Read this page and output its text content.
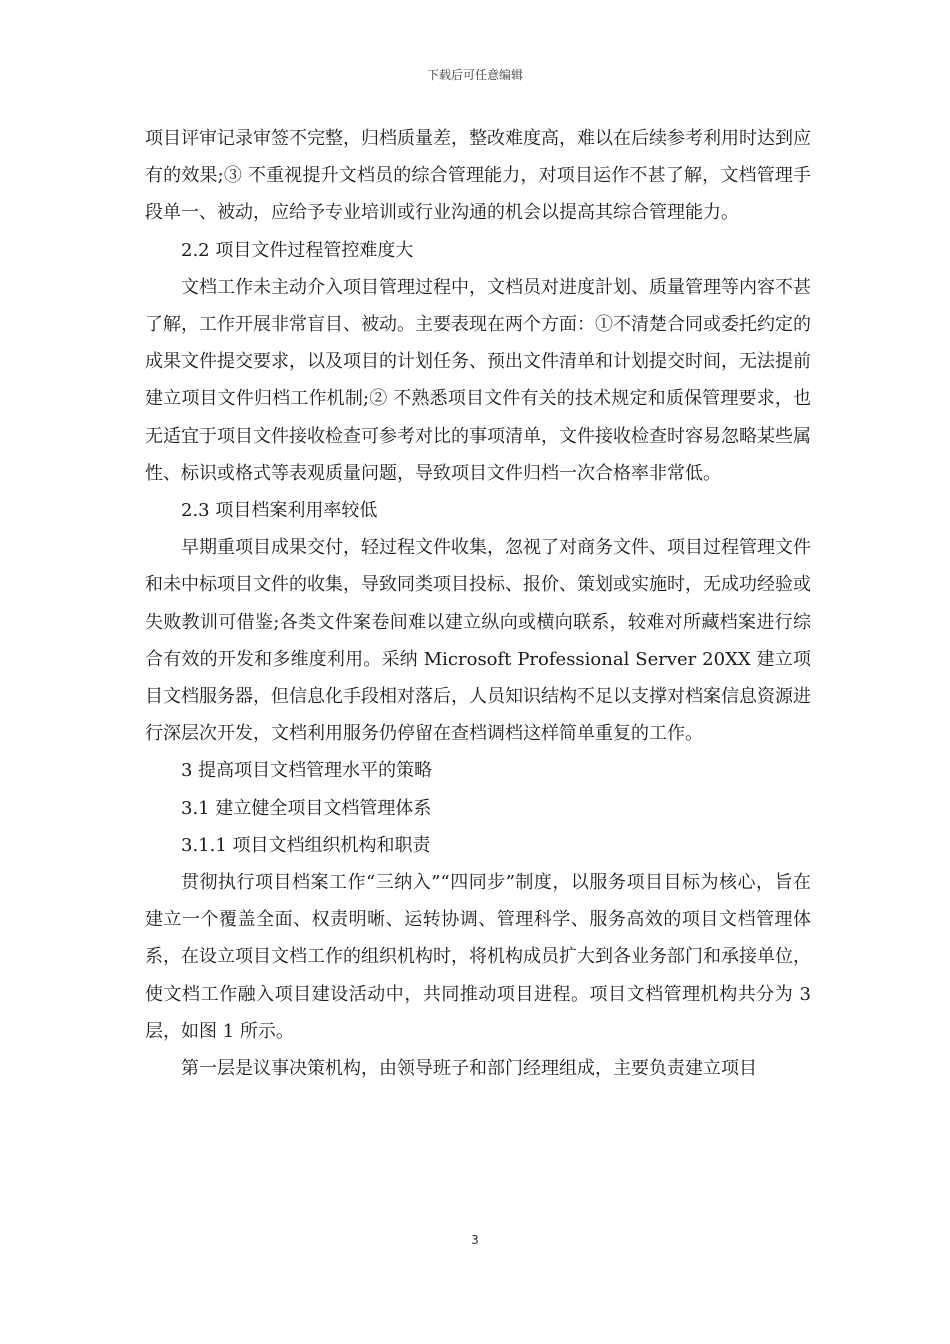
下载后可任意编辑

项目评审记录审签不完整，归档质量差，整改难度高，难以在后续参考利用时达到应有的效果;③ 不重视提升文档员的综合管理能力，对项目运作不甚了解，文档管理手段单一、被动，应给予专业培训或行业沟通的机会以提高其综合管理能力。

2.2 项目文件过程管控难度大

文档工作未主动介入项目管理过程中，文档员对进度計划、质量管理等内容不甚了解，工作开展非常盲目、被动。主要表现在两个方面：①不清楚合同或委托约定的成果文件提交要求，以及项目的计划任务、预出文件清单和计划提交时间，无法提前建立项目文件归档工作机制;② 不熟悉项目文件有关的技术规定和质保管理要求，也无适宜于项目文件接收检查可参考对比的事项清单，文件接收检查时容易忽略某些属性、标识或格式等表观质量问题，导致项目文件归档一次合格率非常低。

2.3 项目档案利用率较低

早期重项目成果交付，轻过程文件收集，忽视了对商务文件、项目过程管理文件和未中标项目文件的收集，导致同类项目投标、报价、策划或实施时，无成功经验或失败教训可借鉴;各类文件案卷间难以建立纵向或横向联系，较难对所藏档案进行综合有效的开发和多维度利用。采纳 Microsoft Professional Server 20XX 建立项目文档服务器，但信息化手段相对落后，人员知识结构不足以支撑对档案信息资源进行深层次开发，文档利用服务仍停留在查档调档这样简单重复的工作。

3 提高项目文档管理水平的策略

3.1 建立健全项目文档管理体系

3.1.1 项目文档组织机构和职责

贯彻执行项目档案工作“三纳入”“四同步”制度，以服务项目目标为核心，旨在建立一个覆盖全面、权责明晰、运转协调、管理科学、服务高效的项目文档管理体系，在设立项目文档工作的组织机构时，将机构成员扩大到各业务部门和承接单位，使文档工作融入项目建设活动中，共同推动项目进程。项目文档管理机构共分为 3 层，如图 1 所示。

第一层是议事决策机构，由领导班子和部门经理组成，主要负责建立项目

3
